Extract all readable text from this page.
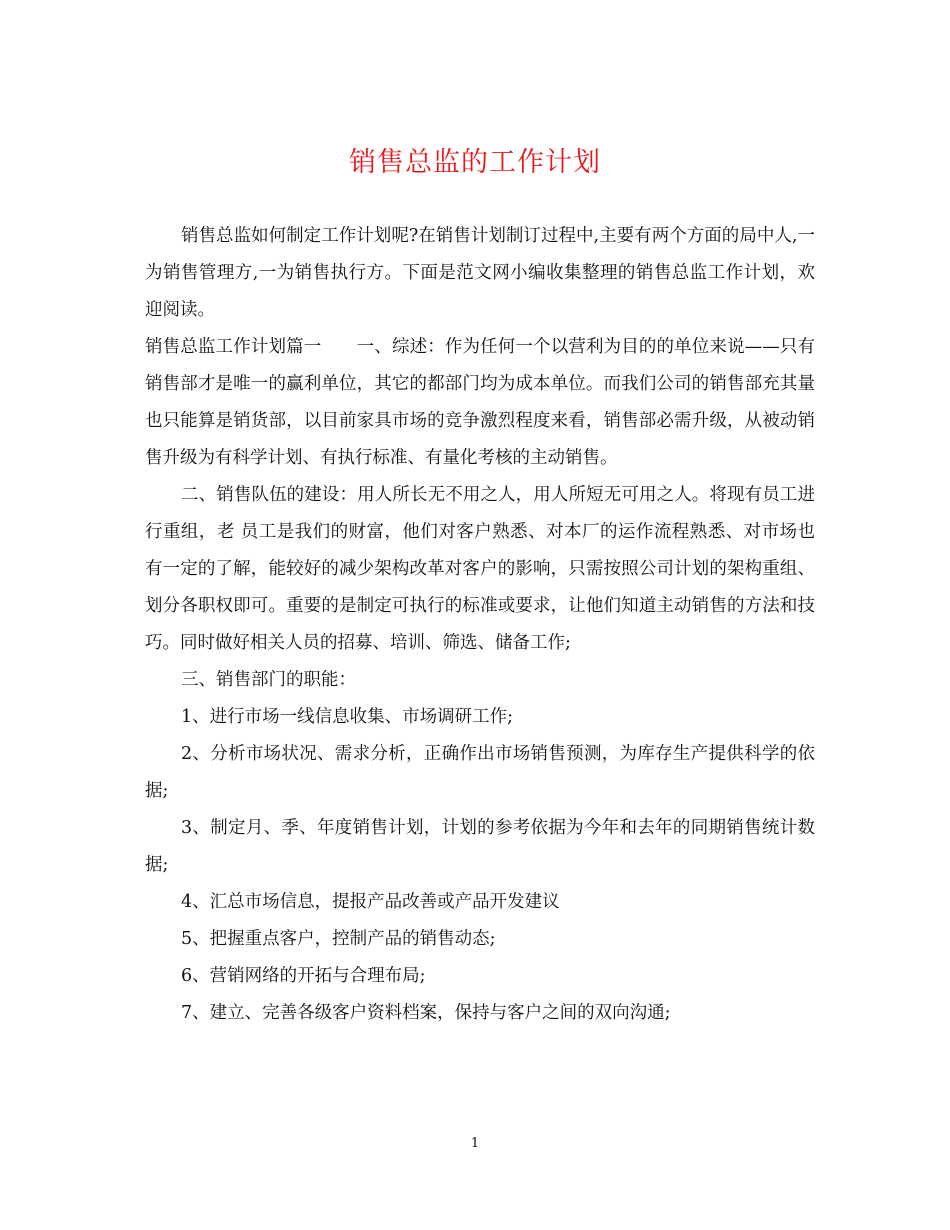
销售总监的工作计划

销售总监如何制定工作计划呢?在销售计划制订过程中,主要有两个方面的局中人,一为销售管理方,一为销售执行方。下面是范文网小编收集整理的销售总监工作计划，欢迎阅读。

销售总监工作计划篇一　　一、综述：作为任何一个以营利为目的的单位来说——只有销售部才是唯一的赢利单位，其它的都部门均为成本单位。而我们公司的销售部充其量也只能算是销货部，以目前家具市场的竞争激烈程度来看，销售部必需升级，从被动销售升级为有科学计划、有执行标准、有量化考核的主动销售。

二、销售队伍的建设：用人所长无不用之人，用人所短无可用之人。将现有员工进行重组，老 员工是我们的财富，他们对客户熟悉、对本厂的运作流程熟悉、对市场也有一定的了解，能较好的减少架构改革对客户的影响，只需按照公司计划的架构重组、划分各职权即可。重要的是制定可执行的标准或要求，让他们知道主动销售的方法和技巧。同时做好相关人员的招募、培训、筛选、储备工作;

三、销售部门的职能：

1、进行市场一线信息收集、市场调研工作;

2、分析市场状况、需求分析，正确作出市场销售预测，为库存生产提供科学的依据;

3、制定月、季、年度销售计划，计划的参考依据为今年和去年的同期销售统计数据;

4、汇总市场信息，提报产品改善或产品开发建议

5、把握重点客户，控制产品的销售动态;

6、营销网络的开拓与合理布局;

7、建立、完善各级客户资料档案，保持与客户之间的双向沟通;

1
